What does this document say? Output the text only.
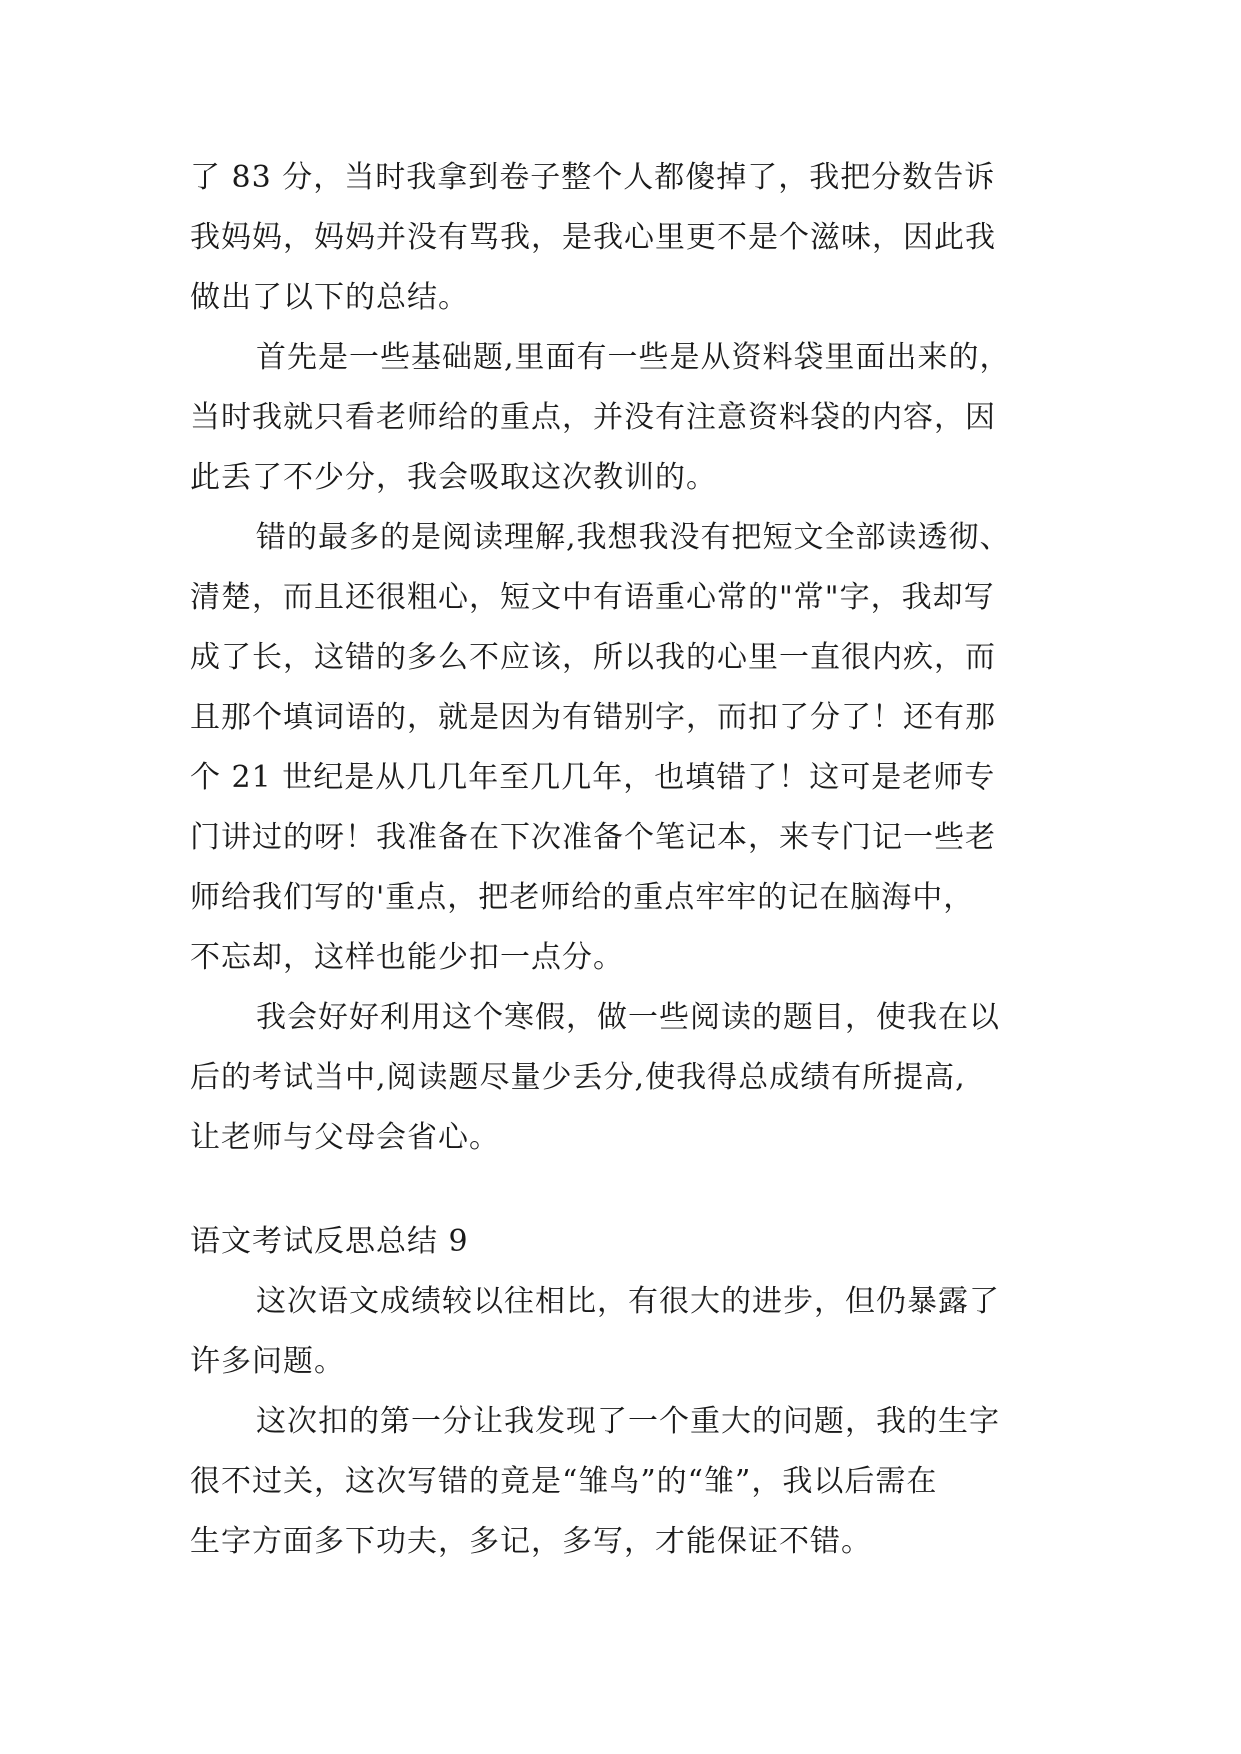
了 83 分，当时我拿到卷子整个人都傻掉了，我把分数告诉
我妈妈，妈妈并没有骂我，是我心里更不是个滋味，因此我
做出了以下的总结。
首先是一些基础题,里面有一些是从资料袋里面出来的，
当时我就只看老师给的重点，并没有注意资料袋的内容，因
此丢了不少分，我会吸取这次教训的。
错的最多的是阅读理解,我想我没有把短文全部读透彻、
清楚，而且还很粗心，短文中有语重心常的"常"字，我却写
成了长，这错的多么不应该，所以我的心里一直很内疚，而
且那个填词语的，就是因为有错别字，而扣了分了！还有那
个 21 世纪是从几几年至几几年，也填错了！这可是老师专
门讲过的呀！我准备在下次准备个笔记本，来专门记一些老
师给我们写的'重点，把老师给的重点牢牢的记在脑海中，
不忘却，这样也能少扣一点分。
我会好好利用这个寒假，做一些阅读的题目，使我在以
后的考试当中,阅读题尽量少丢分,使我得总成绩有所提高,
让老师与父母会省心。
语文考试反思总结 9
这次语文成绩较以往相比，有很大的进步，但仍暴露了
许多问题。
这次扣的第一分让我发现了一个重大的问题，我的生字
很不过关，这次写错的竟是“雏鸟”的“雏”，我以后需在
生字方面多下功夫，多记，多写，才能保证不错。
